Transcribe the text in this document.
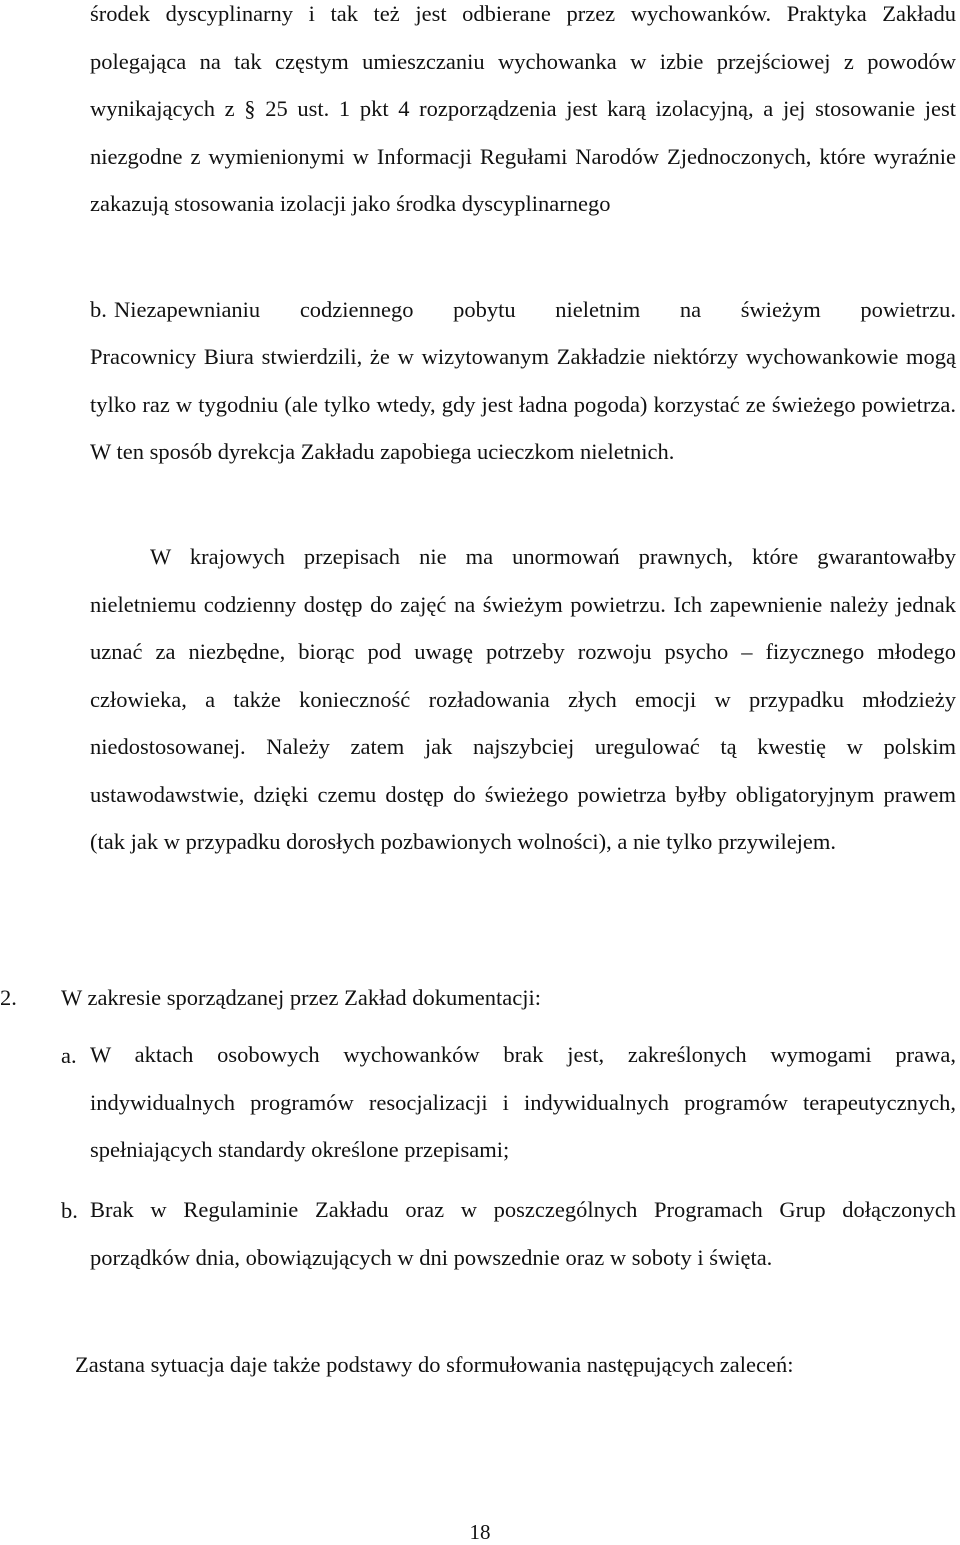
środek dyscyplinarny i tak też jest odbierane przez wychowanków. Praktyka Zakładu polegająca na tak częstym umieszczaniu wychowanka w izbie przejściowej z powodów wynikających z § 25 ust. 1 pkt 4 rozporządzenia jest karą izolacyjną, a jej stosowanie jest niezgodne z wymienionymi w Informacji Regułami Narodów Zjednoczonych, które wyraźnie zakazują stosowania izolacji jako środka dyscyplinarnego

b. Niezapewnianiu codziennego pobytu nieletnim na świeżym powietrzu.

Pracownicy Biura stwierdzili, że w wizytowanym Zakładzie niektórzy wychowankowie mogą tylko raz w tygodniu (ale tylko wtedy, gdy jest ładna pogoda) korzystać ze świeżego powietrza. W ten sposób dyrekcja Zakładu zapobiega ucieczkom nieletnich.

W krajowych przepisach nie ma unormowań prawnych, które gwarantowałby nieletniemu codzienny dostęp do zajęć na świeżym powietrzu. Ich zapewnienie należy jednak uznać za niezbędne, biorąc pod uwagę potrzeby rozwoju psycho – fizycznego młodego człowieka, a także konieczność rozładowania złych emocji w przypadku młodzieży niedostosowanej. Należy zatem jak najszybciej uregulować tą kwestię w polskim ustawodawstwie, dzięki czemu dostęp do świeżego powietrza byłby obligatoryjnym prawem (tak jak w przypadku dorosłych pozbawionych wolności), a nie tylko przywilejem.

2. W zakresie sporządzanej przez Zakład dokumentacji:

a. W aktach osobowych wychowanków brak jest, zakreślonych wymogami prawa, indywidualnych programów resocjalizacji i indywidualnych programów terapeutycznych, spełniających standardy określone przepisami;

b. Brak w Regulaminie Zakładu oraz w poszczególnych Programach Grup dołączonych porządków dnia, obowiązujących w dni powszednie oraz w soboty i święta.

Zastana sytuacja daje także podstawy do sformułowania następujących zaleceń:

18
